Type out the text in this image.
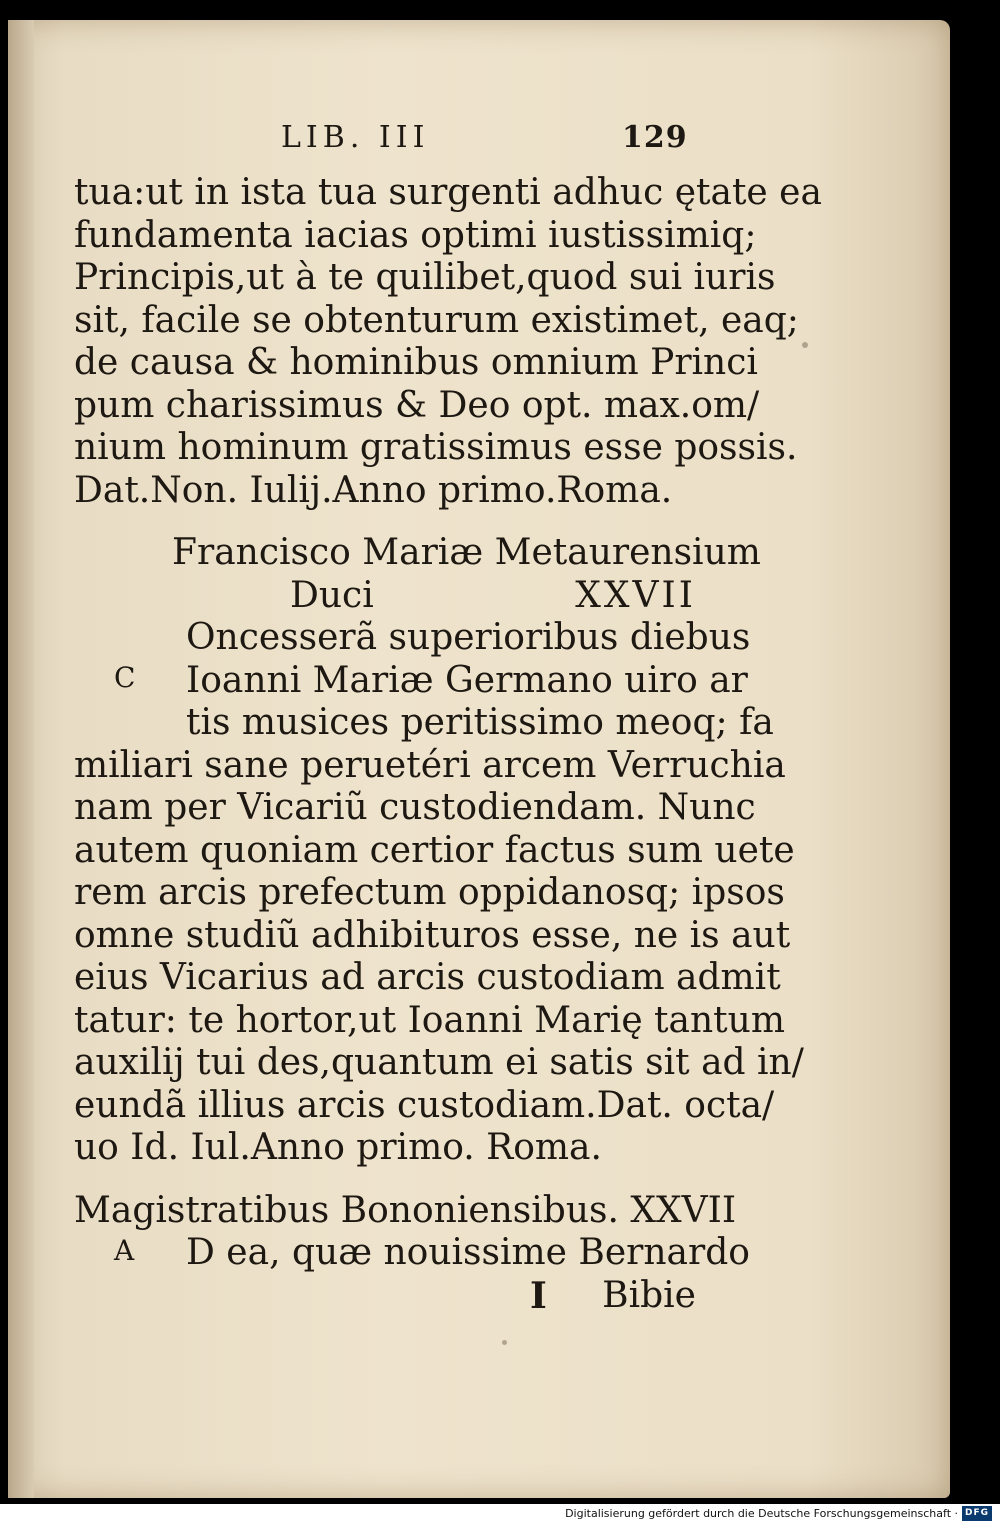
LIB. III	129
tua:ut in ista tua surgenti adhuc ętate ea
fundamenta iacias optimi iustissimiq;
Principis,ut à te quilibet,quod sui iuris
sit, facile se obtenturum existimet, eaq;
de causa & hominibus omnium Princi
pum charissimus & Deo opt. max.om/
nium hominum gratissimus esse possis.
Dat.Non. Iulij.Anno primo.Roma.
Francisco Mariæ Metaurensium
Duci	XXVII
C
Oncesserã superioribus diebus
Ioanni Mariæ Germano uiro ar
tis musices peritissimo meoq; fa
miliari sane peruetéri arcem Verruchia
nam per Vicariũ custodiendam. Nunc
autem quoniam certior factus sum uete
rem arcis prefectum oppidanosq; ipsos
omne studiũ adhibituros esse, ne is aut
eius Vicarius ad arcis custodiam admit
tatur: te hortor,ut Ioanni Marię tantum
auxilij tui des,quantum ei satis sit ad in/
eundã illius arcis custodiam.Dat. octa/
uo Id. Iul.Anno primo. Roma.
Magistratibus Bononiensibus. XXVII
A	D ea, quæ nouissime Bernardo
I Bibie
Digitalisierung gefördert durch die Deutsche Forschungsgemeinschaft · DFG
